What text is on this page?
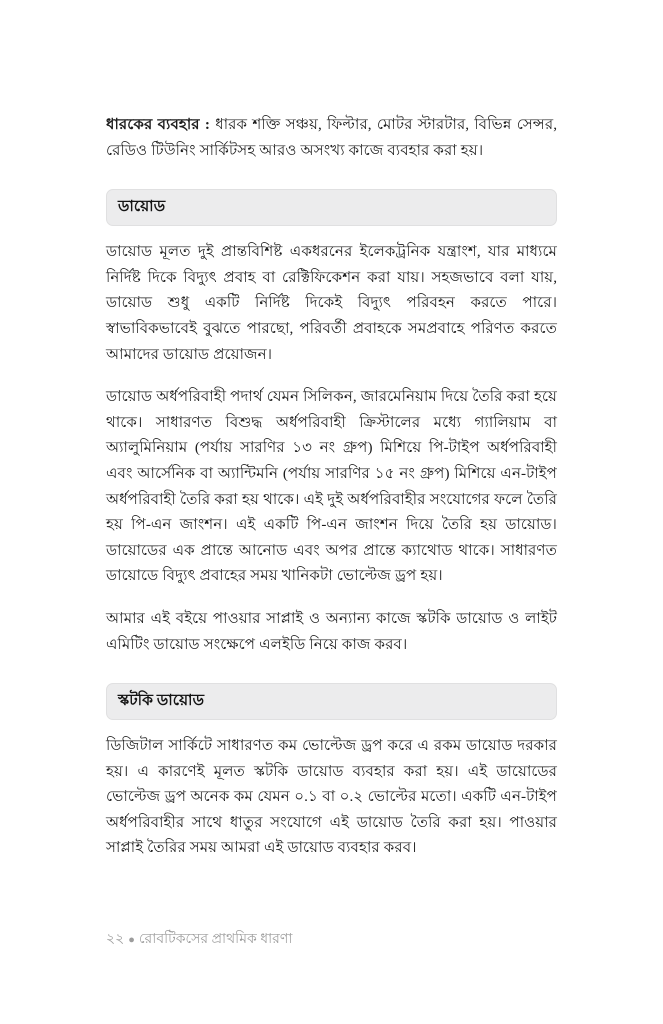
ধারকের ব্যবহার : ধারক শক্তি সঞ্চয়, ফিল্টার, মোটর স্টারটার, বিভিন্ন সেন্সর, রেডিও টিউনিং সার্কিটসহ আরও অসংখ্য কাজে ব্যবহার করা হয়।

ডায়োড

ডায়োড মূলত দুই প্রান্তবিশিষ্ট একধরনের ইলেকট্রনিক যন্ত্রাংশ, যার মাধ্যমে নির্দিষ্ট দিকে বিদ্যুৎ প্রবাহ বা রেক্টিফিকেশন করা যায়। সহজভাবে বলা যায়, ডায়োড শুধু একটি নির্দিষ্ট দিকেই বিদ্যুৎ পরিবহন করতে পারে। স্বাভাবিকভাবেই বুঝতে পারছো, পরিবর্তী প্রবাহকে সমপ্রবাহে পরিণত করতে আমাদের ডায়োড প্রয়োজন।

ডায়োড অর্ধপরিবাহী পদার্থ যেমন সিলিকন, জারমেনিয়াম দিয়ে তৈরি করা হয়ে থাকে। সাধারণত বিশুদ্ধ অর্ধপরিবাহী ক্রিস্টালের মধ্যে গ্যালিয়াম বা অ্যালুমিনিয়াম (পর্যায় সারণির ১৩ নং গ্রুপ) মিশিয়ে পি-টাইপ অর্ধপরিবাহী এবং আর্সেনিক বা অ্যান্টিমনি (পর্যায় সারণির ১৫ নং গ্রুপ) মিশিয়ে এন-টাইপ অর্ধপরিবাহী তৈরি করা হয় থাকে। এই দুই অর্ধপরিবাহীর সংযোগের ফলে তৈরি হয় পি-এন জাংশন। এই একটি পি-এন জাংশন দিয়ে তৈরি হয় ডায়োড। ডায়োডের এক প্রান্তে আনোড এবং অপর প্রান্তে ক্যাথোড থাকে। সাধারণত ডায়োডে বিদ্যুৎ প্রবাহের সময় খানিকটা ভোল্টেজ ড্রপ হয়।

আমার এই বইয়ে পাওয়ার সাপ্লাই ও অন্যান্য কাজে স্কটকি ডায়োড ও লাইট এমিটিং ডায়োড সংক্ষেপে এলইডি নিয়ে কাজ করব।

স্কটকি ডায়োড

ডিজিটাল সার্কিটে সাধারণত কম ভোল্টেজ ড্রপ করে এ রকম ডায়োড দরকার হয়। এ কারণেই মূলত স্কটকি ডায়োড ব্যবহার করা হয়। এই ডায়োডের ভোল্টেজ ড্রপ অনেক কম যেমন ০.১ বা ০.২ ভোল্টের মতো। একটি এন-টাইপ অর্ধপরিবাহীর সাথে ধাতুর সংযোগে এই ডায়োড তৈরি করা হয়। পাওয়ার সাপ্লাই তৈরির সময় আমরা এই ডায়োড ব্যবহার করব।

২২ ● রোবটিকসের প্রাথমিক ধারণা
